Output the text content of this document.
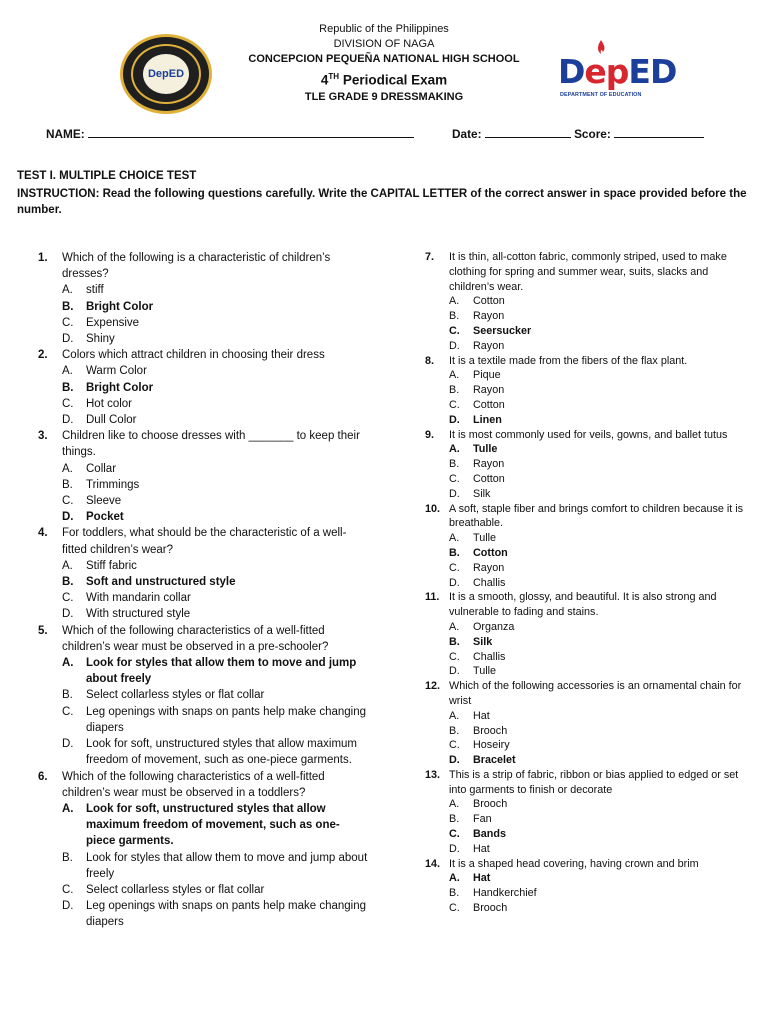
Republic of the Philippines
DIVISION OF NAGA
CONCEPCION PEQUEÑA NATIONAL HIGH SCHOOL
4TH Periodical Exam
TLE GRADE 9 DRESSMAKING
DepED	DepED
DEPARTMENT OF EDUCATION
NAME:	Date:	Score:
TEST I. MULTIPLE CHOICE TEST
INSTRUCTION: Read the following questions carefully. Write the CAPITAL LETTER of the correct answer in space provided before the number.
1. Which of the following is a characteristic of children’s dresses?
A. stiff
B. Bright Color
C. Expensive
D. Shiny
2. Colors which attract children in choosing their dress
A. Warm Color
B. Bright Color
C. Hot color
D. Dull Color
3. Children like to choose dresses with _______ to keep their things.
A. Collar
B. Trimmings
C. Sleeve
D. Pocket
4. For toddlers, what should be the characteristic of a well-fitted children’s wear?
A. Stiff fabric
B. Soft and unstructured style
C. With mandarin collar
D. With structured style
5. Which of the following characteristics of a well-fitted children’s wear must be observed in a pre-schooler?
A. Look for styles that allow them to move and jump about freely
B. Select collarless styles or flat collar
C. Leg openings with snaps on pants help make changing diapers
D. Look for soft, unstructured styles that allow maximum freedom of movement, such as one-piece garments.
6. Which of the following characteristics of a well-fitted children’s wear must be observed in a toddlers?
A. Look for soft, unstructured styles that allow maximum freedom of movement, such as one-piece garments.
B. Look for styles that allow them to move and jump about freely
C. Select collarless styles or flat collar
D. Leg openings with snaps on pants help make changing diapers
7. It is thin, all-cotton fabric, commonly striped, used to make clothing for spring and summer wear, suits, slacks and children’s wear.
A. Cotton
B. Rayon
C. Seersucker
D. Rayon
8. It is a textile made from the fibers of the flax plant.
A. Pique
B. Rayon
C. Cotton
D. Linen
9. It is most commonly used for veils, gowns, and ballet tutus
A. Tulle
B. Rayon
C. Cotton
D. Silk
10. A soft, staple fiber and brings comfort to children because it is breathable.
A. Tulle
B. Cotton
C. Rayon
D. Challis
11. It is a smooth, glossy, and beautiful. It is also strong and vulnerable to fading and stains.
A. Organza
B. Silk
C. Challis
D. Tulle
12. Which of the following accessories is an ornamental chain for wrist
A. Hat
B. Brooch
C. Hoseiry
D. Bracelet
13. This is a strip of fabric, ribbon or bias applied to edged or set into garments to finish or decorate
A. Brooch
B. Fan
C. Bands
D. Hat
14. It is a shaped head covering, having crown and brim
A. Hat
B. Handkerchief
C. Brooch
